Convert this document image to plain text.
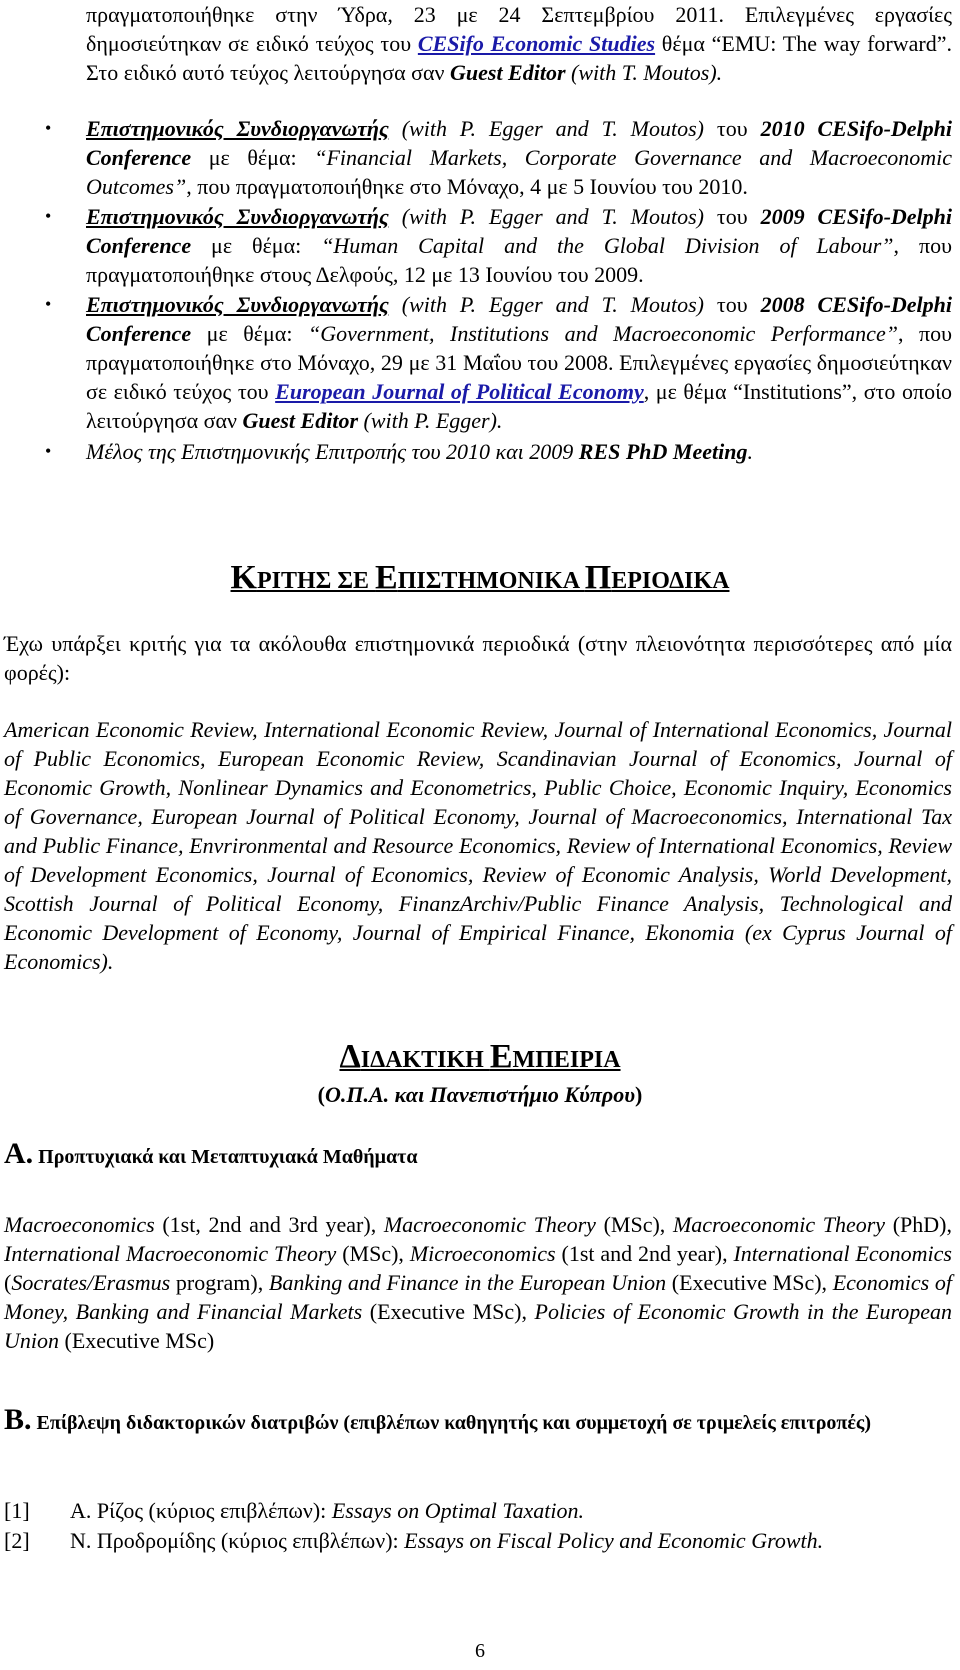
πραγματοποιήθηκε στην Ύδρα, 23 με 24 Σεπτεμβρίου 2011. Επιλεγμένες εργασίες δημοσιεύτηκαν σε ειδικό τεύχος του CESifo Economic Studies θέμα “EMU: The way forward”. Στο ειδικό αυτό τεύχος λειτούργησα σαν Guest Editor (with T. Moutos).

• Επιστημονικός Συνδιοργανωτής (with P. Egger and T. Moutos) του 2010 CESifo-Delphi Conference με θέμα: “Financial Markets, Corporate Governance and Macroeconomic Outcomes”, που πραγματοποιήθηκε στο Μόναχο, 4 με 5 Ιουνίου του 2010.

• Επιστημονικός Συνδιοργανωτής (with P. Egger and T. Moutos) του 2009 CESifo-Delphi Conference με θέμα: “Human Capital and the Global Division of Labour”, που πραγματοποιήθηκε στους Δελφούς, 12 με 13 Ιουνίου του 2009.

• Επιστημονικός Συνδιοργανωτής (with P. Egger and T. Moutos) του 2008 CESifo-Delphi Conference με θέμα: “Government, Institutions and Macroeconomic Performance”, που πραγματοποιήθηκε στο Μόναχο, 29 με 31 Μαΐου του 2008. Επιλεγμένες εργασίες δημοσιεύτηκαν σε ειδικό τεύχος του European Journal of Political Economy, με θέμα “Institutions”, στο οποίο λειτούργησα σαν Guest Editor (with P. Egger).

• Μέλος της Επιστημονικής Επιτροπής του 2010 και 2009 RES PhD Meeting.

ΚΡΙΤΗΣ ΣΕ ΕΠΙΣΤΗΜΟΝΙΚΑ ΠΕΡΙΟΔΙΚΑ

Έχω υπάρξει κριτής για τα ακόλουθα επιστημονικά περιοδικά (στην πλειονότητα περισσότερες από μία φορές):

American Economic Review, International Economic Review, Journal of International Economics, Journal of Public Economics, European Economic Review, Scandinavian Journal of Economics, Journal of Economic Growth, Nonlinear Dynamics and Econometrics, Public Choice, Economic Inquiry, Economics of Governance, European Journal of Political Economy, Journal of Macroeconomics, International Tax and Public Finance, Envrironmental and Resource Economics, Review of International Economics, Review of Development Economics, Journal of Economics, Review of Economic Analysis, World Development, Scottish Journal of Political Economy, FinanzArchiv/Public Finance Analysis, Technological and Economic Development of Economy, Journal of Empirical Finance, Ekonomia (ex Cyprus Journal of Economics).

ΔΙΔΑΚΤΙΚΗ ΕΜΠΕΙΡΙΑ
(Ο.Π.Α. και Πανεπιστήμιο Κύπρου)
A. Προπτυχιακά και Μεταπτυχιακά Μαθήματα

Macroeconomics (1st, 2nd and 3rd year), Macroeconomic Theory (MSc), Macroeconomic Theory (PhD), International Macroeconomic Theory (MSc), Microeconomics (1st and 2nd year), International Economics (Socrates/Erasmus program), Banking and Finance in the European Union (Executive MSc), Economics of Money, Banking and Financial Markets (Executive MSc), Policies of Economic Growth in the European Union (Executive MSc)

B. Επίβλεψη διδακτορικών διατριβών (επιβλέπων καθηγητής και συμμετοχή σε τριμελείς επιτροπές)

[1] A. Ρίζος (κύριος επιβλέπων): Essays on Optimal Taxation.

[2] N. Προδρομίδης (κύριος επιβλέπων): Essays on Fiscal Policy and Economic Growth.

6
